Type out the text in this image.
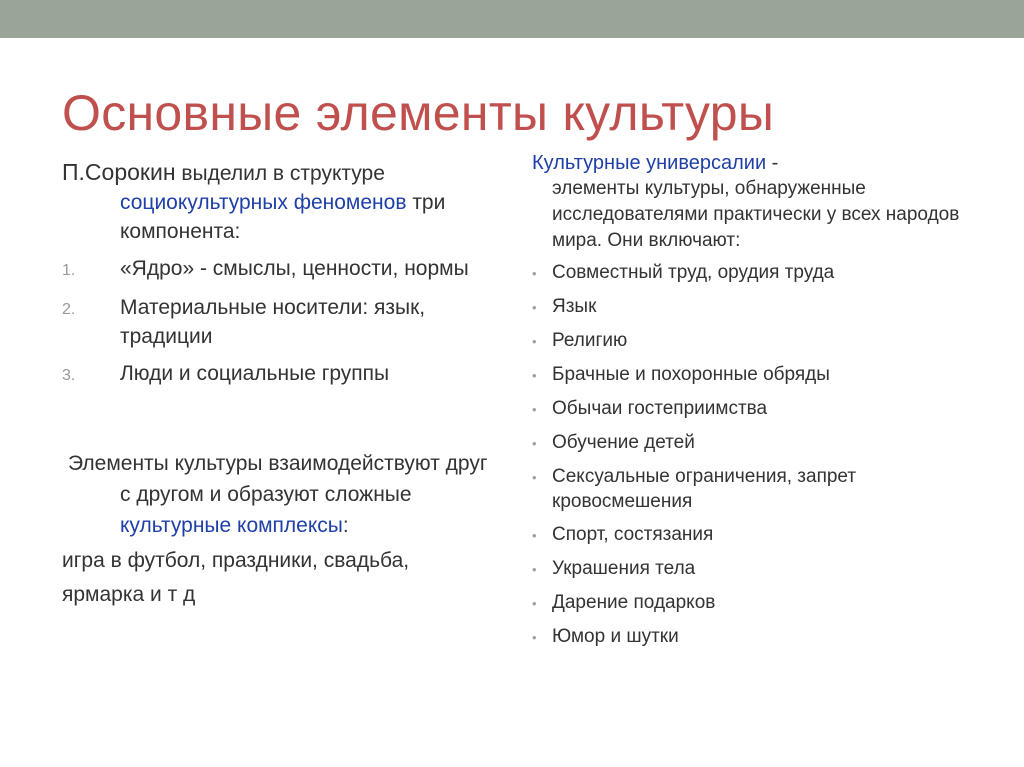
Основные элементы культуры

П.Сорокин выделил в структуре социокультурных феноменов три компонента:

1.	«Ядро» - смыслы, ценности, нормы
2.	Материальные носители: язык, традиции
3.	Люди и социальные группы
Элементы культуры взаимодействуют друг с другом и образуют сложные культурные комплексы:
игра в футбол, праздники, свадьба,
ярмарка и т д

Культурные универсалии -

элементы культуры, обнаруженные исследователями практически у всех народов мира. Они включают:

• Совместный труд, орудия труда
• Язык
• Религию
• Брачные и похоронные обряды
• Обычаи гостеприимства
• Обучение детей
• Сексуальные ограничения, запрет кровосмешения
• Спорт, состязания
• Украшения тела
• Дарение подарков
• Юмор и шутки
